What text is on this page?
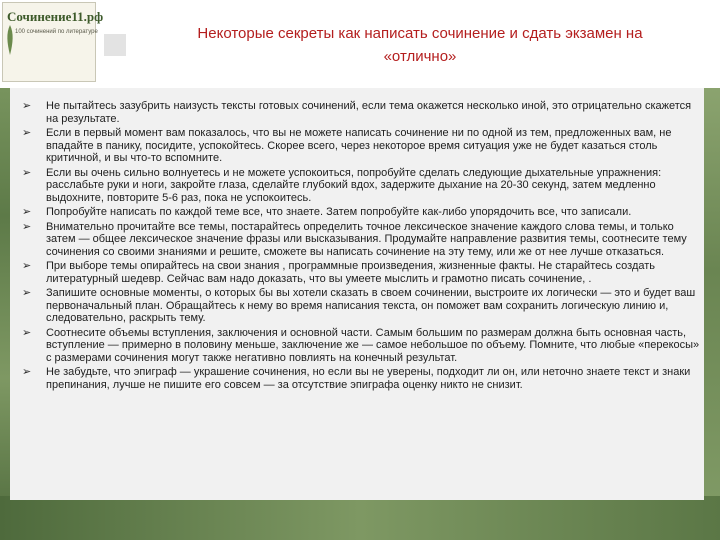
Сочинение11.рф
100 сочинений по литературе	Некоторые секреты как написать сочинение и сдать экзамен на
«отлично»
➢ Не пытайтесь зазубрить наизусть тексты готовых сочинений, если тема окажется несколько иной, это отрицательно скажется на результате.
➢ Если в первый момент вам показалось, что вы не можете написать сочинение ни по одной из тем, предложенных вам, не впадайте в панику, посидите, успокойтесь. Скорее всего, через некоторое время ситуация уже не будет казаться столь критичной, и вы что-то вспомните.
➢ Если вы очень сильно волнуетесь и не можете успокоиться, попробуйте сделать следующие дыхательные упражнения: расслабьте руки и ноги, закройте глаза, сделайте глубокий вдох, задержите дыхание на 20-30 секунд, затем медленно выдохните, повторите 5-6 раз, пока не успокоитесь.
➢ Попробуйте написать по каждой теме все, что знаете. Затем попробуйте как-либо упорядочить все, что записали.
➢ Внимательно прочитайте все темы, постарайтесь определить точное лексическое значение каждого слова темы, и только затем — общее лексическое значение фразы или высказывания. Продумайте направление развития темы, соотнесите тему сочинения со своими знаниями и решите, сможете вы написать сочинение на эту тему, или же от нее лучше отказаться.
➢ При выборе темы опирайтесь на свои знания , программные произведения, жизненные факты. Не старайтесь создать литературный шедевр. Сейчас вам надо доказать, что вы умеете мыслить и грамотно писать сочинение, .
➢ Запишите основные моменты, о которых бы вы хотели сказать в своем сочинении, выстроите их логически — это и будет ваш первоначальный план. Обращайтесь к нему во время написания текста, он поможет вам сохранить логическую линию и, следовательно, раскрыть тему.
➢ Соотнесите объемы вступления, заключения и основной части. Самым большим по размерам должна быть основная часть, вступление — примерно в половину меньше, заключение же — самое небольшое по объему. Помните, что любые «перекосы» с размерами сочинения могут также негативно повлиять на конечный результат.
➢ Не забудьте, что эпиграф — украшение сочинения, но если вы не уверены, подходит ли он, или неточно знаете текст и знаки препинания, лучше не пишите его совсем — за отсутствие эпиграфа оценку никто не снизит.
